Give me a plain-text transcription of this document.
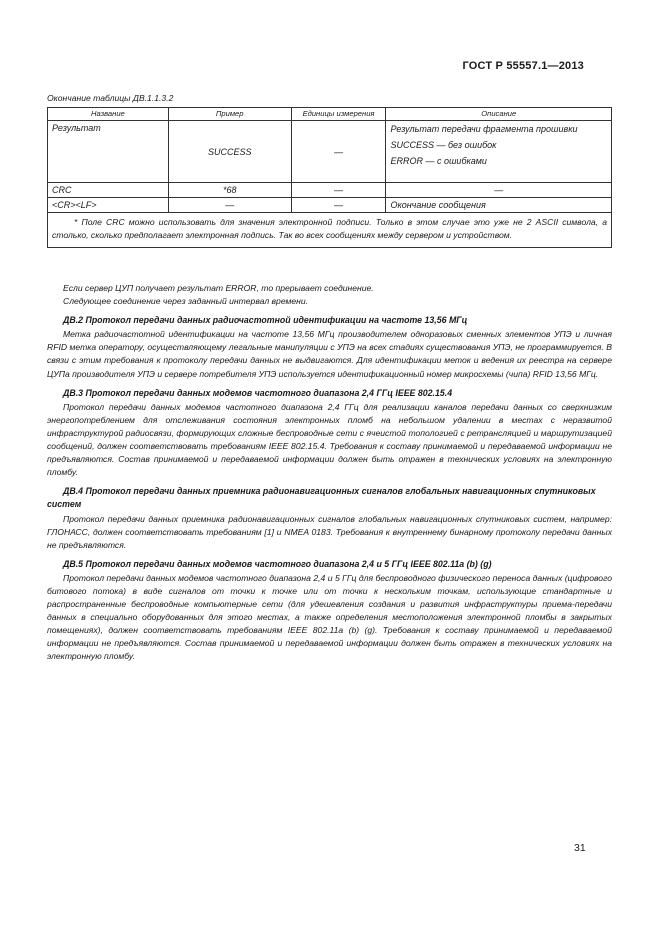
ГОСТ Р 55557.1—2013
Окончание таблицы ДВ.1.1.3.2
Название	Пример	Единицы измерения	Описание
Результат	SUCCESS	—	Результат передачи фрагмента прошивки

SUCCESS — без ошибок

ERROR — с ошибками

CRC	*68	—	—
<CR><LF>	—	—	Окончание сообщения
* Поле CRC можно использовать для значения электронной подписи. Только в этом случае это уже не 2 ASCII символа, а столько, сколько предполагает электронная подпись. Так во всех сообщениях между сервером и устройством.			

Если сервер ЦУП получает результат ERROR, то прерывает соединение.

Следующее соединение через заданный интервал времени.

ДВ.2 Протокол передачи данных радиочастотной идентификации на частоте 13,56 МГц

Метка радиочастотной идентификации на частоте 13,56 МГц производителем одноразовых сменных элементов УПЭ и личная RFID метка оператору, осуществляющему легальные манипуляции с УПЭ на всех стадиях существования УПЭ, не программируется. В связи с этим требования к протоколу передачи данных не выдвигаются. Для идентификации меток и ведения их реестра на сервере ЦУПа производителя УПЭ и сервере потребителя УПЭ используется идентификационный номер микросхемы (чипа) RFID 13,56 МГц.

ДВ.3 Протокол передачи данных модемов частотного диапазона 2,4 ГГц IEEE 802.15.4

Протокол передачи данных модемов частотного диапазона 2,4 ГГц для реализации каналов передачи данных со сверхнизким энергопотреблением для отслеживания состояния электронных пломб на небольшом удалении в местах с неразвитой инфраструктурой радиосвязи, формирующих сложные беспроводные сети с ячеистой топологией с ретрансляцией и маршрутизацией сообщений, должен соответствовать требованиям IEEE 802.15.4. Требования к составу принимаемой и передаваемой информации не предъявляются. Состав принимаемой и передаваемой информации должен быть отражен в технических условиях на электронную пломбу.

ДВ.4 Протокол передачи данных приемника радионавигационных сигналов глобальных навигационных спутниковых систем

Протокол передачи данных приемника радионавигационных сигналов глобальных навигационных спутниковых систем, например: ГЛОНАСС, должен соответствовать требованиям [1] и NMEA 0183. Требования к внутреннему бинарному протоколу передачи данных не предъявляются.

ДВ.5 Протокол передачи данных модемов частотного диапазона 2,4 и 5 ГГц IEEE 802.11a (b) (g)

Протокол передачи данных модемов частотного диапазона 2,4 и 5 ГГц для беспроводного физического переноса данных (цифрового битового потока) в виде сигналов от точки к точке или от точки к нескольким точкам, использующие стандартные и распространенные беспроводные компьютерные сети (для удешевления создания и развития инфраструктуры приема-передачи данных в специально оборудованных для этого местах, а также определения местоположения электронной пломбы в закрытых помещениях), должен соответствовать требованиям IEEE 802.11a (b) (g). Требования к составу принимаемой и передаваемой информации не предъявляются. Состав принимаемой и передаваемой информации должен быть отражен в технических условиях на электронную пломбу.

31
